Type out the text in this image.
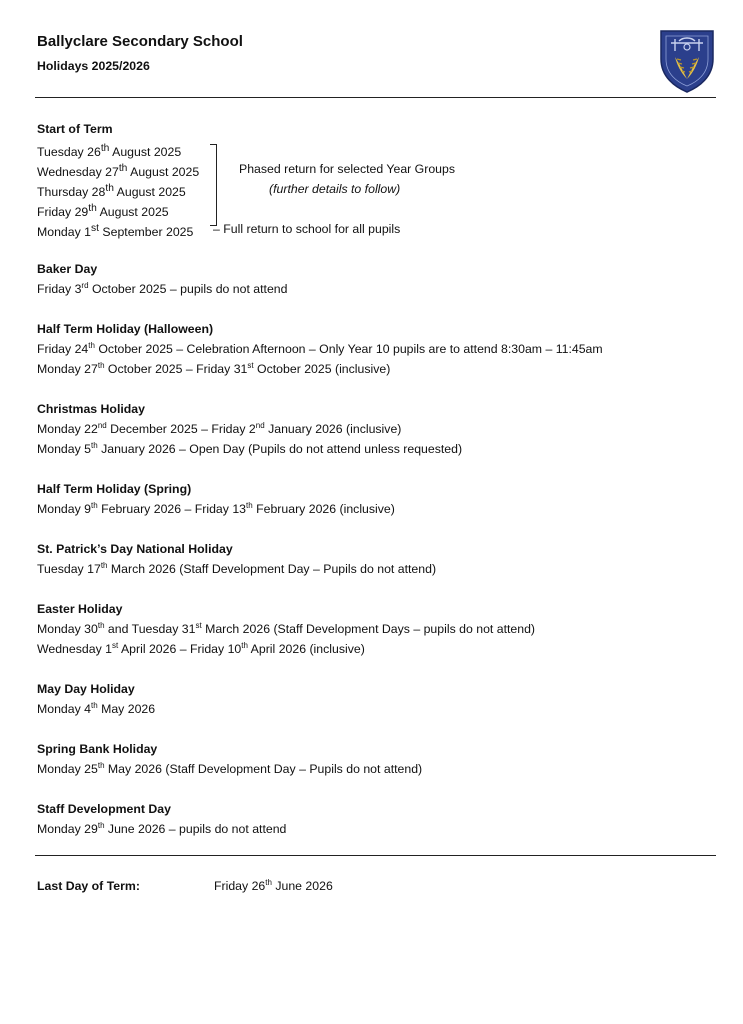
Ballyclare Secondary School
Holidays 2025/2026
Start of Term
Tuesday 26th August 2025
Wednesday 27th August 2025
Thursday 28th August 2025
Friday 29th August 2025
Monday 1st September 2025
Phased return for selected Year Groups
(further details to follow)
– Full return to school for all pupils
Baker Day
Friday 3rd October 2025 – pupils do not attend
Half Term Holiday (Halloween)
Friday 24th October 2025 – Celebration Afternoon – Only Year 10 pupils are to attend 8:30am – 11:45am
Monday 27th October 2025 – Friday 31st October 2025 (inclusive)
Christmas Holiday
Monday 22nd December 2025 – Friday 2nd January 2026 (inclusive)
Monday 5th January 2026 – Open Day (Pupils do not attend unless requested)
Half Term Holiday (Spring)
Monday 9th February 2026 – Friday 13th February 2026 (inclusive)
St. Patrick’s Day National Holiday
Tuesday 17th March 2026 (Staff Development Day – Pupils do not attend)
Easter Holiday
Monday 30th and Tuesday 31st March 2026 (Staff Development Days – pupils do not attend)
Wednesday 1st April 2026 – Friday 10th April 2026 (inclusive)
May Day Holiday
Monday 4th May 2026
Spring Bank Holiday
Monday 25th May 2026 (Staff Development Day – Pupils do not attend)
Staff Development Day
Monday 29th June 2026 – pupils do not attend
Last Day of Term:	Friday 26th June 2026
